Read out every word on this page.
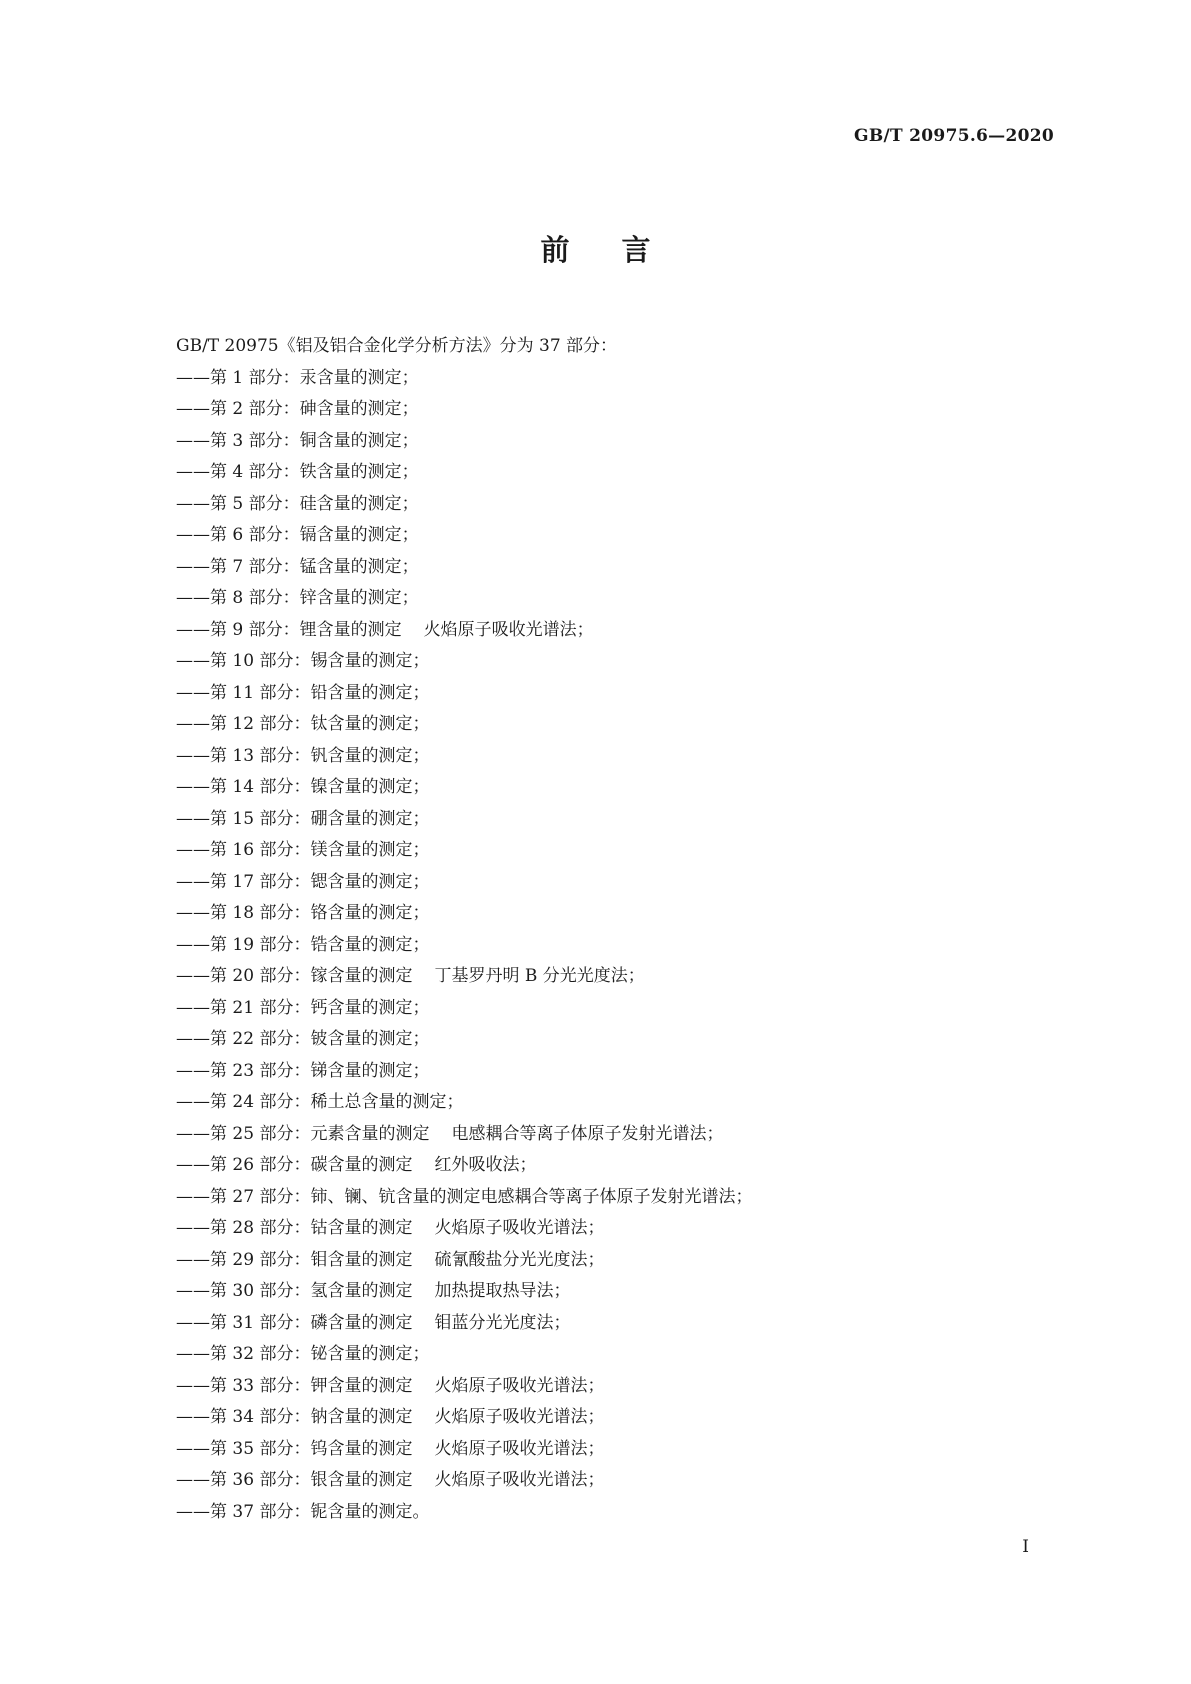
GB/T 20975.6—2020
前言
GB/T 20975《铝及铝合金化学分析方法》分为 37 部分：
——第 1 部分：汞含量的测定；
——第 2 部分：砷含量的测定；
——第 3 部分：铜含量的测定；
——第 4 部分：铁含量的测定；
——第 5 部分：硅含量的测定；
——第 6 部分：镉含量的测定；
——第 7 部分：锰含量的测定；
——第 8 部分：锌含量的测定；
——第 9 部分：锂含量的测定 火焰原子吸收光谱法；
——第 10 部分：锡含量的测定；
——第 11 部分：铅含量的测定；
——第 12 部分：钛含量的测定；
——第 13 部分：钒含量的测定；
——第 14 部分：镍含量的测定；
——第 15 部分：硼含量的测定；
——第 16 部分：镁含量的测定；
——第 17 部分：锶含量的测定；
——第 18 部分：铬含量的测定；
——第 19 部分：锆含量的测定；
——第 20 部分：镓含量的测定 丁基罗丹明 B 分光光度法；
——第 21 部分：钙含量的测定；
——第 22 部分：铍含量的测定；
——第 23 部分：锑含量的测定；
——第 24 部分：稀土总含量的测定；
——第 25 部分：元素含量的测定 电感耦合等离子体原子发射光谱法；
——第 26 部分：碳含量的测定 红外吸收法；
——第 27 部分：铈、镧、钪含量的测定电感耦合等离子体原子发射光谱法；
——第 28 部分：钴含量的测定 火焰原子吸收光谱法；
——第 29 部分：钼含量的测定 硫氰酸盐分光光度法；
——第 30 部分：氢含量的测定 加热提取热导法；
——第 31 部分：磷含量的测定 钼蓝分光光度法；
——第 32 部分：铋含量的测定；
——第 33 部分：钾含量的测定 火焰原子吸收光谱法；
——第 34 部分：钠含量的测定 火焰原子吸收光谱法；
——第 35 部分：钨含量的测定 火焰原子吸收光谱法；
——第 36 部分：银含量的测定 火焰原子吸收光谱法；
——第 37 部分：铌含量的测定。
I
